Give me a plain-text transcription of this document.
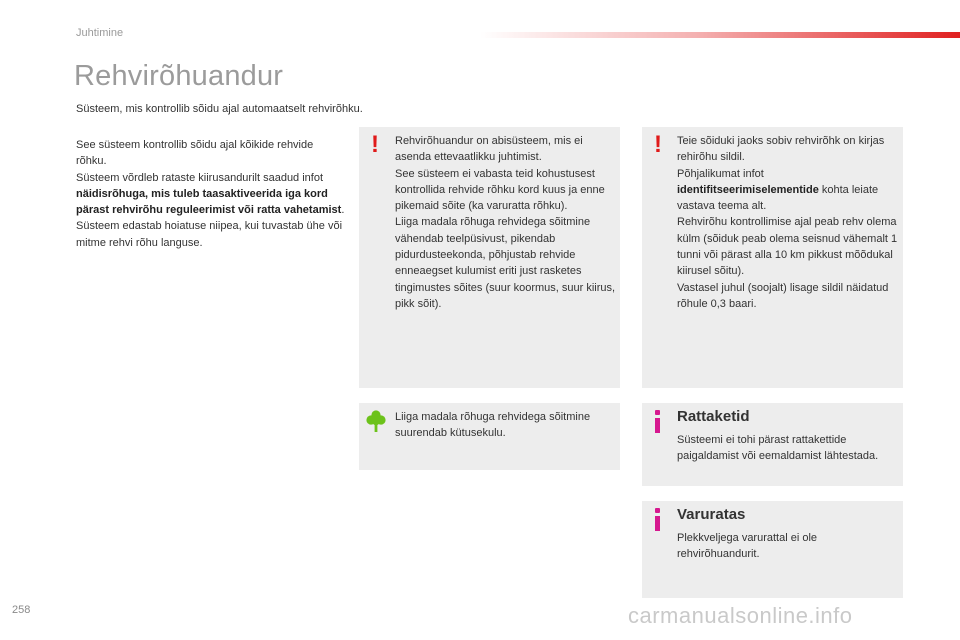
Juhtimine
Rehvirõhuandur

Süsteem, mis kontrollib sõidu ajal automaatselt rehvirõhku.

See süsteem kontrollib sõidu ajal kõikide rehvide rõhku.

Süsteem võrdleb rataste kiirusandurilt saadud infot näidisrõhuga, mis tuleb taasaktiveerida iga kord pärast rehvirõhu reguleerimist või ratta vahetamist.

Süsteem edastab hoiatuse niipea, kui tuvastab ühe või mitme rehvi rõhu languse.

! Rehvirõhuandur on abisüsteem, mis ei asenda ettevaatlikku juhtimist.

See süsteem ei vabasta teid kohustusest kontrollida rehvide rõhku kord kuus ja enne pikemaid sõite (ka varuratta rõhku).

Liiga madala rõhuga rehvidega sõitmine vähendab teelpüsivust, pikendab pidurdusteekonda, põhjustab rehvide enneaegset kulumist eriti just rasketes tingimustes sõites (suur koormus, suur kiirus, pikk sõit).

! Teie sõiduki jaoks sobiv rehvirõhk on kirjas rehirõhu sildil.

Põhjalikumat infot identifitseerimiselementide kohta leiate vastava teema alt.

Rehvirõhu kontrollimise ajal peab rehv olema külm (sõiduk peab olema seisnud vähemalt 1 tunni või pärast alla 10 km pikkust mõõdukal kiirusel sõitu).

Vastasel juhul (soojalt) lisage sildil näidatud rõhule 0,3 baari.

Liiga madala rõhuga rehvidega sõitmine suurendab kütusekulu.
Rattaketid
Süsteemi ei tohi pärast rattakettide paigaldamist või eemaldamist lähtestada.
Varuratas
Plekkveljega varurattal ei ole rehvirõhuandurit.
258	carmanualsonline.info
